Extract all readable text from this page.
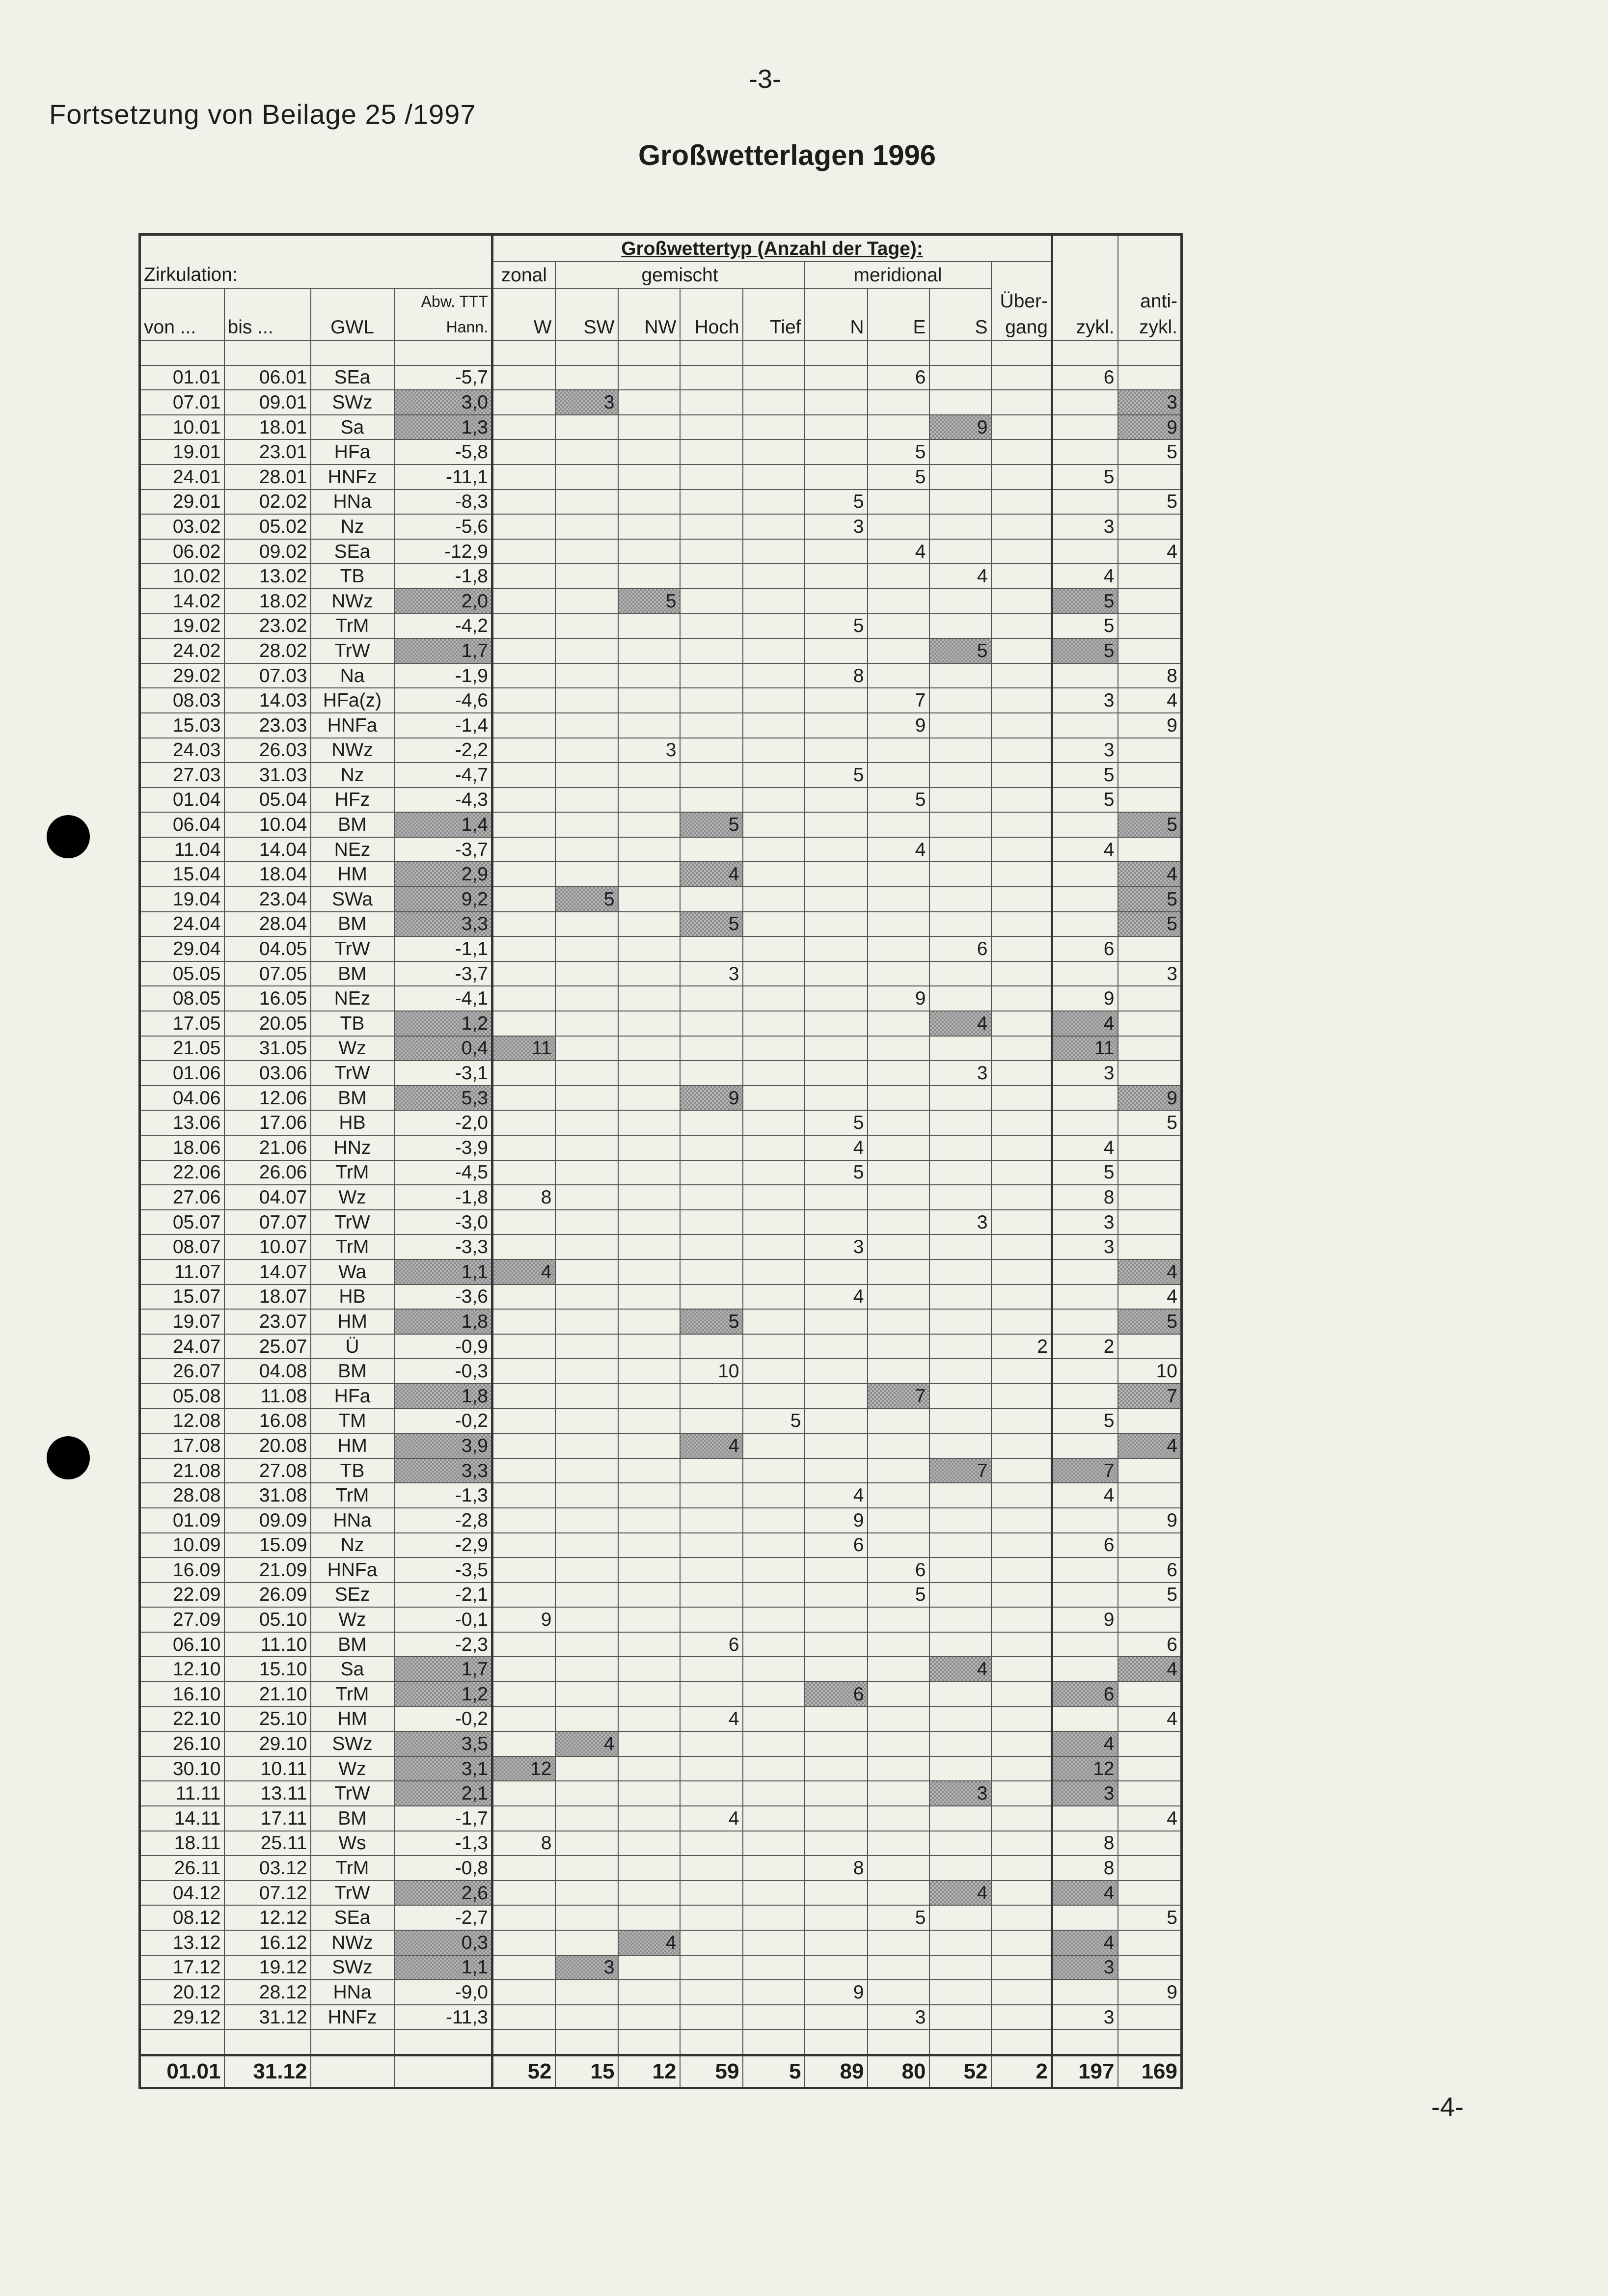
-3-
Fortsetzung von Beilage 25 /1997
Großwetterlagen 1996
				Großwettertyp (Anzahl der Tage):										
Zirkulation:				zonal	gemischt				meridional					
			Abw. TTT									Über-		anti-
von ...	bis ...	GWL	Hann.	W	SW	NW	Hoch	Tief	N	E	S	gang	zykl.	zykl.

01.01	06.01	SEa	-5,7							6			6	
07.01	09.01	SWz	3,0		3									3
10.01	18.01	Sa	1,3								9			9
19.01	23.01	HFa	-5,8							5				5
24.01	28.01	HNFz	-11,1							5			5	
29.01	02.02	HNa	-8,3						5					5
03.02	05.02	Nz	-5,6						3				3	
06.02	09.02	SEa	-12,9							4				4
10.02	13.02	TB	-1,8								4		4	
14.02	18.02	NWz	2,0			5							5	
19.02	23.02	TrM	-4,2						5				5	
24.02	28.02	TrW	1,7								5		5	
29.02	07.03	Na	-1,9						8					8
08.03	14.03	HFa(z)	-4,6							7			3	4
15.03	23.03	HNFa	-1,4							9				9
24.03	26.03	NWz	-2,2			3							3	
27.03	31.03	Nz	-4,7						5				5	
01.04	05.04	HFz	-4,3							5			5	
06.04	10.04	BM	1,4				5							5
11.04	14.04	NEz	-3,7							4			4	
15.04	18.04	HM	2,9				4							4
19.04	23.04	SWa	9,2		5									5
24.04	28.04	BM	3,3				5							5
29.04	04.05	TrW	-1,1								6		6	
05.05	07.05	BM	-3,7				3							3
08.05	16.05	NEz	-4,1							9			9	
17.05	20.05	TB	1,2								4		4	
21.05	31.05	Wz	0,4	11									11	
01.06	03.06	TrW	-3,1								3		3	
04.06	12.06	BM	5,3				9							9
13.06	17.06	HB	-2,0						5					5
18.06	21.06	HNz	-3,9						4				4	
22.06	26.06	TrM	-4,5						5				5	
27.06	04.07	Wz	-1,8	8									8	
05.07	07.07	TrW	-3,0								3		3	
08.07	10.07	TrM	-3,3						3				3	
11.07	14.07	Wa	1,1	4										4
15.07	18.07	HB	-3,6						4					4
19.07	23.07	HM	1,8				5							5
24.07	25.07	Ü	-0,9									2	2	
26.07	04.08	BM	-0,3				10							10
05.08	11.08	HFa	1,8							7				7
12.08	16.08	TM	-0,2					5					5	
17.08	20.08	HM	3,9				4							4
21.08	27.08	TB	3,3								7		7	
28.08	31.08	TrM	-1,3						4				4	
01.09	09.09	HNa	-2,8						9					9
10.09	15.09	Nz	-2,9						6				6	
16.09	21.09	HNFa	-3,5							6				6
22.09	26.09	SEz	-2,1							5				5
27.09	05.10	Wz	-0,1	9									9	
06.10	11.10	BM	-2,3				6							6
12.10	15.10	Sa	1,7								4			4
16.10	21.10	TrM	1,2						6				6	
22.10	25.10	HM	-0,2				4							4
26.10	29.10	SWz	3,5		4								4	
30.10	10.11	Wz	3,1	12									12	
11.11	13.11	TrW	2,1								3		3	
14.11	17.11	BM	-1,7				4							4
18.11	25.11	Ws	-1,3	8									8	
26.11	03.12	TrM	-0,8						8				8	
04.12	07.12	TrW	2,6								4		4	
08.12	12.12	SEa	-2,7							5				5
13.12	16.12	NWz	0,3			4							4	
17.12	19.12	SWz	1,1		3								3	
20.12	28.12	HNa	-9,0						9					9
29.12	31.12	HNFz	-11,3							3			3	

01.01	31.12			52	15	12	59	5	89	80	52	2	197	169
-4-
